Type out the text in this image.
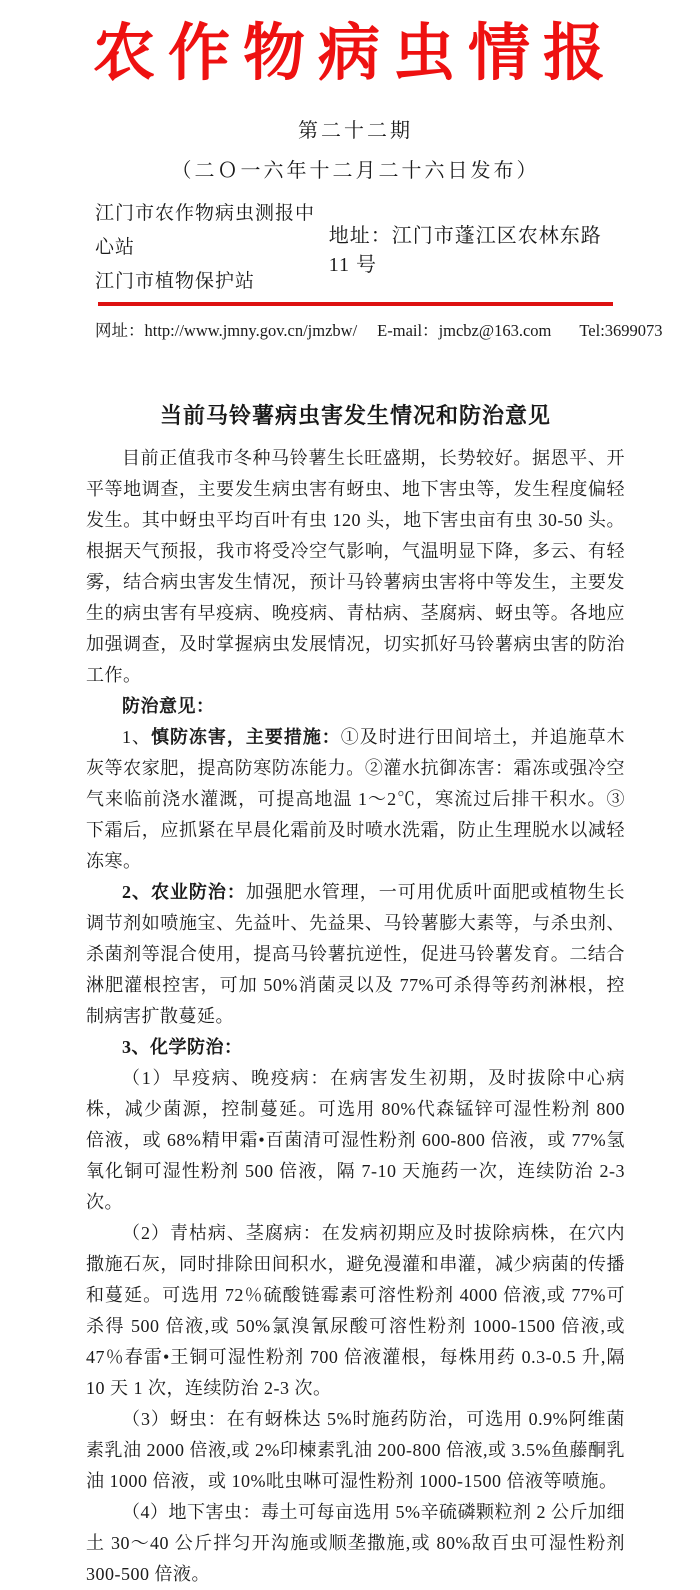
农作物病虫情报
第二十二期
（二Ｏ一六年十二月二十六日发布）
江门市农作物病虫测报中心站
江门市植物保护站
地址：江门市蓬江区农林东路 11 号
网址：http://www.jmny.gov.cn/jmzbw/ E-mail：jmcbz@163.com Tel:3699073
当前马铃薯病虫害发生情况和防治意见

目前正值我市冬种马铃薯生长旺盛期，长势较好。据恩平、开平等地调查，主要发生病虫害有蚜虫、地下害虫等，发生程度偏轻发生。其中蚜虫平均百叶有虫 120 头，地下害虫亩有虫 30-50 头。根据天气预报，我市将受冷空气影响，气温明显下降，多云、有轻雾，结合病虫害发生情况，预计马铃薯病虫害将中等发生，主要发生的病虫害有早疫病、晚疫病、青枯病、茎腐病、蚜虫等。各地应加强调查，及时掌握病虫发展情况，切实抓好马铃薯病虫害的防治工作。

防治意见：

1、慎防冻害，主要措施：①及时进行田间培土，并追施草木灰等农家肥，提高防寒防冻能力。②灌水抗御冻害：霜冻或强冷空气来临前浇水灌溉，可提高地温 1～2℃，寒流过后排干积水。③下霜后，应抓紧在早晨化霜前及时喷水洗霜，防止生理脱水以减轻冻寒。

2、农业防治：加强肥水管理，一可用优质叶面肥或植物生长调节剂如喷施宝、先益叶、先益果、马铃薯膨大素等，与杀虫剂、杀菌剂等混合使用，提高马铃薯抗逆性，促进马铃薯发育。二结合淋肥灌根控害，可加 50%消菌灵以及 77%可杀得等药剂淋根，控制病害扩散蔓延。

3、化学防治：

（1）早疫病、晚疫病：在病害发生初期，及时拔除中心病株，减少菌源，控制蔓延。可选用 80%代森锰锌可湿性粉剂 800 倍液，或 68%精甲霜•百菌清可湿性粉剂 600-800 倍液，或 77%氢氧化铜可湿性粉剂 500 倍液，隔 7-10 天施药一次，连续防治 2-3 次。

（2）青枯病、茎腐病：在发病初期应及时拔除病株，在穴内撒施石灰，同时排除田间积水，避免漫灌和串灌，减少病菌的传播和蔓延。可选用 72％硫酸链霉素可溶性粉剂 4000 倍液,或 77%可杀得 500 倍液,或 50%氯溴氰尿酸可溶性粉剂 1000-1500 倍液,或 47％春雷•王铜可湿性粉剂 700 倍液灌根，每株用药 0.3-0.5 升,隔 10 天 1 次，连续防治 2-3 次。

（3）蚜虫：在有蚜株达 5%时施药防治，可选用 0.9%阿维菌素乳油 2000 倍液,或 2%印楝素乳油 200-800 倍液,或 3.5%鱼藤酮乳油 1000 倍液，或 10%吡虫啉可湿性粉剂 1000-1500 倍液等喷施。

（4）地下害虫：毒土可每亩选用 5%辛硫磷颗粒剂 2 公斤加细土 30～40 公斤拌匀开沟施或顺垄撒施,或 80%敌百虫可湿性粉剂 300-500 倍液。
